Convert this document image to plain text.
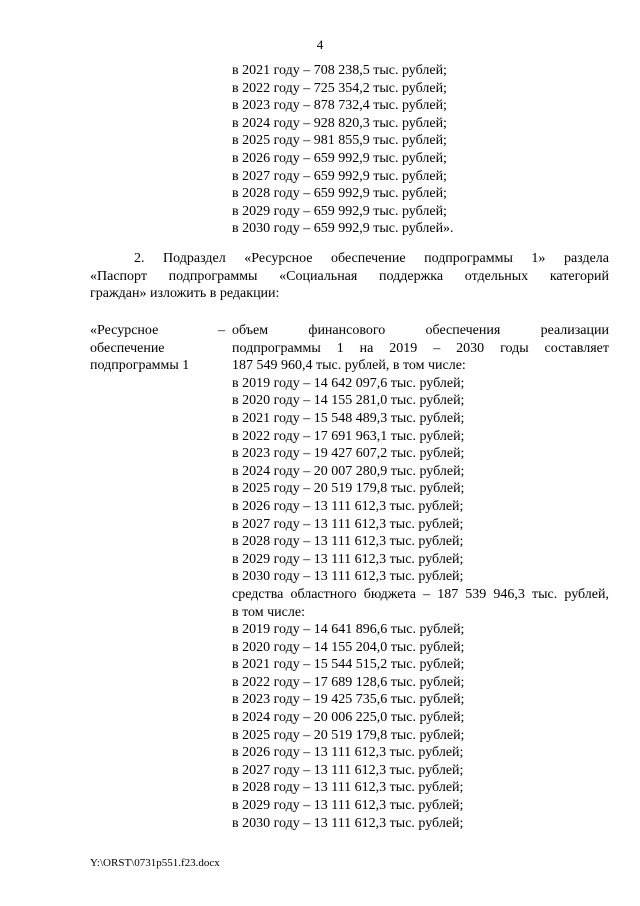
4
в 2021 году – 708 238,5 тыс. рублей;
в 2022 году – 725 354,2 тыс. рублей;
в 2023 году – 878 732,4 тыс. рублей;
в 2024 году – 928 820,3 тыс. рублей;
в 2025 году – 981 855,9 тыс. рублей;
в 2026 году – 659 992,9 тыс. рублей;
в 2027 году – 659 992,9 тыс. рублей;
в 2028 году – 659 992,9 тыс. рублей;
в 2029 году – 659 992,9 тыс. рублей;
в 2030 году – 659 992,9 тыс. рублей».
2. Подраздел «Ресурсное обеспечение подпрограммы 1» раздела
«Паспорт подпрограммы «Социальная поддержка отдельных категорий
граждан» изложить в редакции:
«Ресурсное	–
обеспечение
подпрограммы 1
объем финансового обеспечения реализации
подпрограммы 1 на 2019 – 2030 годы составляет
187 549 960,4 тыс. рублей, в том числе:
в 2019 году – 14 642 097,6 тыс. рублей;
в 2020 году – 14 155 281,0 тыс. рублей;
в 2021 году – 15 548 489,3 тыс. рублей;
в 2022 году – 17 691 963,1 тыс. рублей;
в 2023 году – 19 427 607,2 тыс. рублей;
в 2024 году – 20 007 280,9 тыс. рублей;
в 2025 году – 20 519 179,8 тыс. рублей;
в 2026 году – 13 111 612,3 тыс. рублей;
в 2027 году – 13 111 612,3 тыс. рублей;
в 2028 году – 13 111 612,3 тыс. рублей;
в 2029 году – 13 111 612,3 тыс. рублей;
в 2030 году – 13 111 612,3 тыс. рублей;
средства областного бюджета – 187 539 946,3 тыс. рублей,
в том числе:
в 2019 году – 14 641 896,6 тыс. рублей;
в 2020 году – 14 155 204,0 тыс. рублей;
в 2021 году – 15 544 515,2 тыс. рублей;
в 2022 году – 17 689 128,6 тыс. рублей;
в 2023 году – 19 425 735,6 тыс. рублей;
в 2024 году – 20 006 225,0 тыс. рублей;
в 2025 году – 20 519 179,8 тыс. рублей;
в 2026 году – 13 111 612,3 тыс. рублей;
в 2027 году – 13 111 612,3 тыс. рублей;
в 2028 году – 13 111 612,3 тыс. рублей;
в 2029 году – 13 111 612,3 тыс. рублей;
в 2030 году – 13 111 612,3 тыс. рублей;
Y:\ORST\0731p551.f23.docx
